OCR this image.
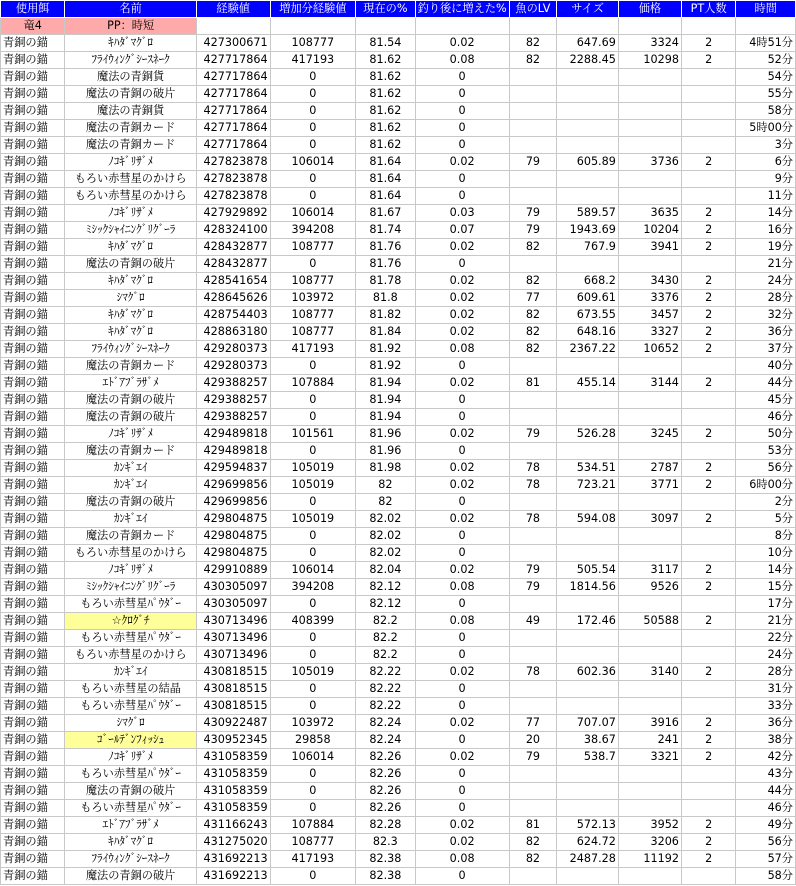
使用餌	名前	経験値	増加分経験値	現在の%	釣り後に増えた%	魚のLV	サイズ	価格	PT人数	時間
竜4	PP：時短									
青銅の錨	ｷﾊﾀﾞﾏｸﾞﾛ	427300671	108777	81.54	0.02	82	647.69	3324	2	4時51分
青銅の錨	ﾌﾗｲｳｨﾝｸﾞｼｰｽﾈｰｸ	427717864	417193	81.62	0.08	82	2288.45	10298	2	52分
青銅の錨	魔法の青銅貨	427717864	0	81.62	0					54分
青銅の錨	魔法の青銅の破片	427717864	0	81.62	0					55分
青銅の錨	魔法の青銅貨	427717864	0	81.62	0					58分
青銅の錨	魔法の青銅カード	427717864	0	81.62	0					5時00分
青銅の錨	魔法の青銅カード	427717864	0	81.62	0					3分
青銅の錨	ﾉｺｷﾞﾘｻﾞﾒ	427823878	106014	81.64	0.02	79	605.89	3736	2	6分
青銅の錨	もろい赤彗星のかけら	427823878	0	81.64	0					9分
青銅の錨	もろい赤彗星のかけら	427823878	0	81.64	0					11分
青銅の錨	ﾉｺｷﾞﾘｻﾞﾒ	427929892	106014	81.67	0.03	79	589.57	3635	2	14分
青銅の錨	ﾐｼｯｸｼｬｲﾆﾝｸﾞﾘｸﾞｰﾗ	428324100	394208	81.74	0.07	79	1943.69	10204	2	16分
青銅の錨	ｷﾊﾀﾞﾏｸﾞﾛ	428432877	108777	81.76	0.02	82	767.9	3941	2	19分
青銅の錨	魔法の青銅の破片	428432877	0	81.76	0					21分
青銅の錨	ｷﾊﾀﾞﾏｸﾞﾛ	428541654	108777	81.78	0.02	82	668.2	3430	2	24分
青銅の錨	ｼﾏｸﾞﾛ	428645626	103972	81.8	0.02	77	609.61	3376	2	28分
青銅の錨	ｷﾊﾀﾞﾏｸﾞﾛ	428754403	108777	81.82	0.02	82	673.55	3457	2	32分
青銅の錨	ｷﾊﾀﾞﾏｸﾞﾛ	428863180	108777	81.84	0.02	82	648.16	3327	2	36分
青銅の錨	ﾌﾗｲｳｨﾝｸﾞｼｰｽﾈｰｸ	429280373	417193	81.92	0.08	82	2367.22	10652	2	37分
青銅の錨	魔法の青銅カード	429280373	0	81.92	0					40分
青銅の錨	ｴﾄﾞｱﾌﾞﾗｻﾞﾒ	429388257	107884	81.94	0.02	81	455.14	3144	2	44分
青銅の錨	魔法の青銅の破片	429388257	0	81.94	0					45分
青銅の錨	魔法の青銅の破片	429388257	0	81.94	0					46分
青銅の錨	ﾉｺｷﾞﾘｻﾞﾒ	429489818	101561	81.96	0.02	79	526.28	3245	2	50分
青銅の錨	魔法の青銅カード	429489818	0	81.96	0					53分
青銅の錨	ｶﾝｷﾞｴｲ	429594837	105019	81.98	0.02	78	534.51	2787	2	56分
青銅の錨	ｶﾝｷﾞｴｲ	429699856	105019	82	0.02	78	723.21	3771	2	6時00分
青銅の錨	魔法の青銅の破片	429699856	0	82	0					2分
青銅の錨	ｶﾝｷﾞｴｲ	429804875	105019	82.02	0.02	78	594.08	3097	2	5分
青銅の錨	魔法の青銅カード	429804875	0	82.02	0					8分
青銅の錨	もろい赤彗星のかけら	429804875	0	82.02	0					10分
青銅の錨	ﾉｺｷﾞﾘｻﾞﾒ	429910889	106014	82.04	0.02	79	505.54	3117	2	14分
青銅の錨	ﾐｼｯｸｼｬｲﾆﾝｸﾞﾘｸﾞｰﾗ	430305097	394208	82.12	0.08	79	1814.56	9526	2	15分
青銅の錨	もろい赤彗星ﾊﾟｳﾀﾞｰ	430305097	0	82.12	0					17分
青銅の錨	☆ｸﾛｸﾞﾁ	430713496	408399	82.2	0.08	49	172.46	50588	2	21分
青銅の錨	もろい赤彗星ﾊﾟｳﾀﾞｰ	430713496	0	82.2	0					22分
青銅の錨	もろい赤彗星のかけら	430713496	0	82.2	0					24分
青銅の錨	ｶﾝｷﾞｴｲ	430818515	105019	82.22	0.02	78	602.36	3140	2	28分
青銅の錨	もろい赤彗星の結晶	430818515	0	82.22	0					31分
青銅の錨	もろい赤彗星ﾊﾟｳﾀﾞｰ	430818515	0	82.22	0					33分
青銅の錨	ｼﾏｸﾞﾛ	430922487	103972	82.24	0.02	77	707.07	3916	2	36分
青銅の錨	ｺﾞｰﾙﾃﾞﾝﾌｨｯｼｭ	430952345	29858	82.24	0	20	38.67	241	2	38分
青銅の錨	ﾉｺｷﾞﾘｻﾞﾒ	431058359	106014	82.26	0.02	79	538.7	3321	2	42分
青銅の錨	もろい赤彗星ﾊﾟｳﾀﾞｰ	431058359	0	82.26	0					43分
青銅の錨	魔法の青銅の破片	431058359	0	82.26	0					44分
青銅の錨	もろい赤彗星ﾊﾟｳﾀﾞｰ	431058359	0	82.26	0					46分
青銅の錨	ｴﾄﾞｱﾌﾞﾗｻﾞﾒ	431166243	107884	82.28	0.02	81	572.13	3952	2	49分
青銅の錨	ｷﾊﾀﾞﾏｸﾞﾛ	431275020	108777	82.3	0.02	82	624.72	3206	2	56分
青銅の錨	ﾌﾗｲｳｨﾝｸﾞｼｰｽﾈｰｸ	431692213	417193	82.38	0.08	82	2487.28	11192	2	57分
青銅の錨	魔法の青銅の破片	431692213	0	82.38	0					58分
